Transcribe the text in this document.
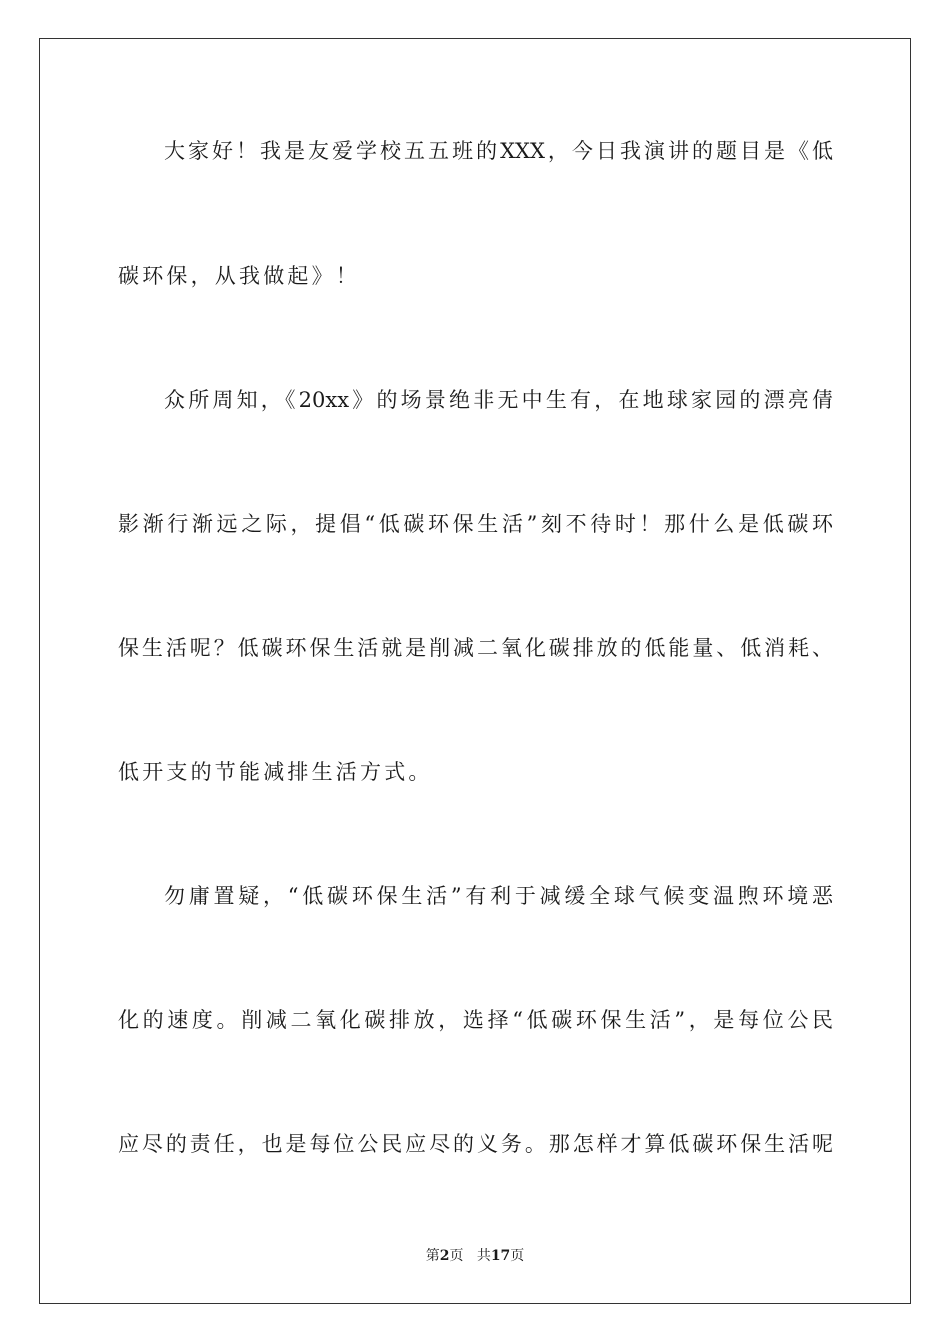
大家好！我是友爱学校五五班的XXX，今日我演讲的题目是《低
碳环保，从我做起》！
众所周知，《20xx》的场景绝非无中生有，在地球家园的漂亮倩
影渐行渐远之际，提倡“低碳环保生活”刻不待时！那什么是低碳环
保生活呢？低碳环保生活就是削减二氧化碳排放的低能量、低消耗、
低开支的节能减排生活方式。
勿庸置疑，“低碳环保生活”有利于减缓全球气候变温煦环境恶
化的速度。削减二氧化碳排放，选择“低碳环保生活”，是每位公民
应尽的责任，也是每位公民应尽的义务。那怎样才算低碳环保生活呢
第2页 共17页
